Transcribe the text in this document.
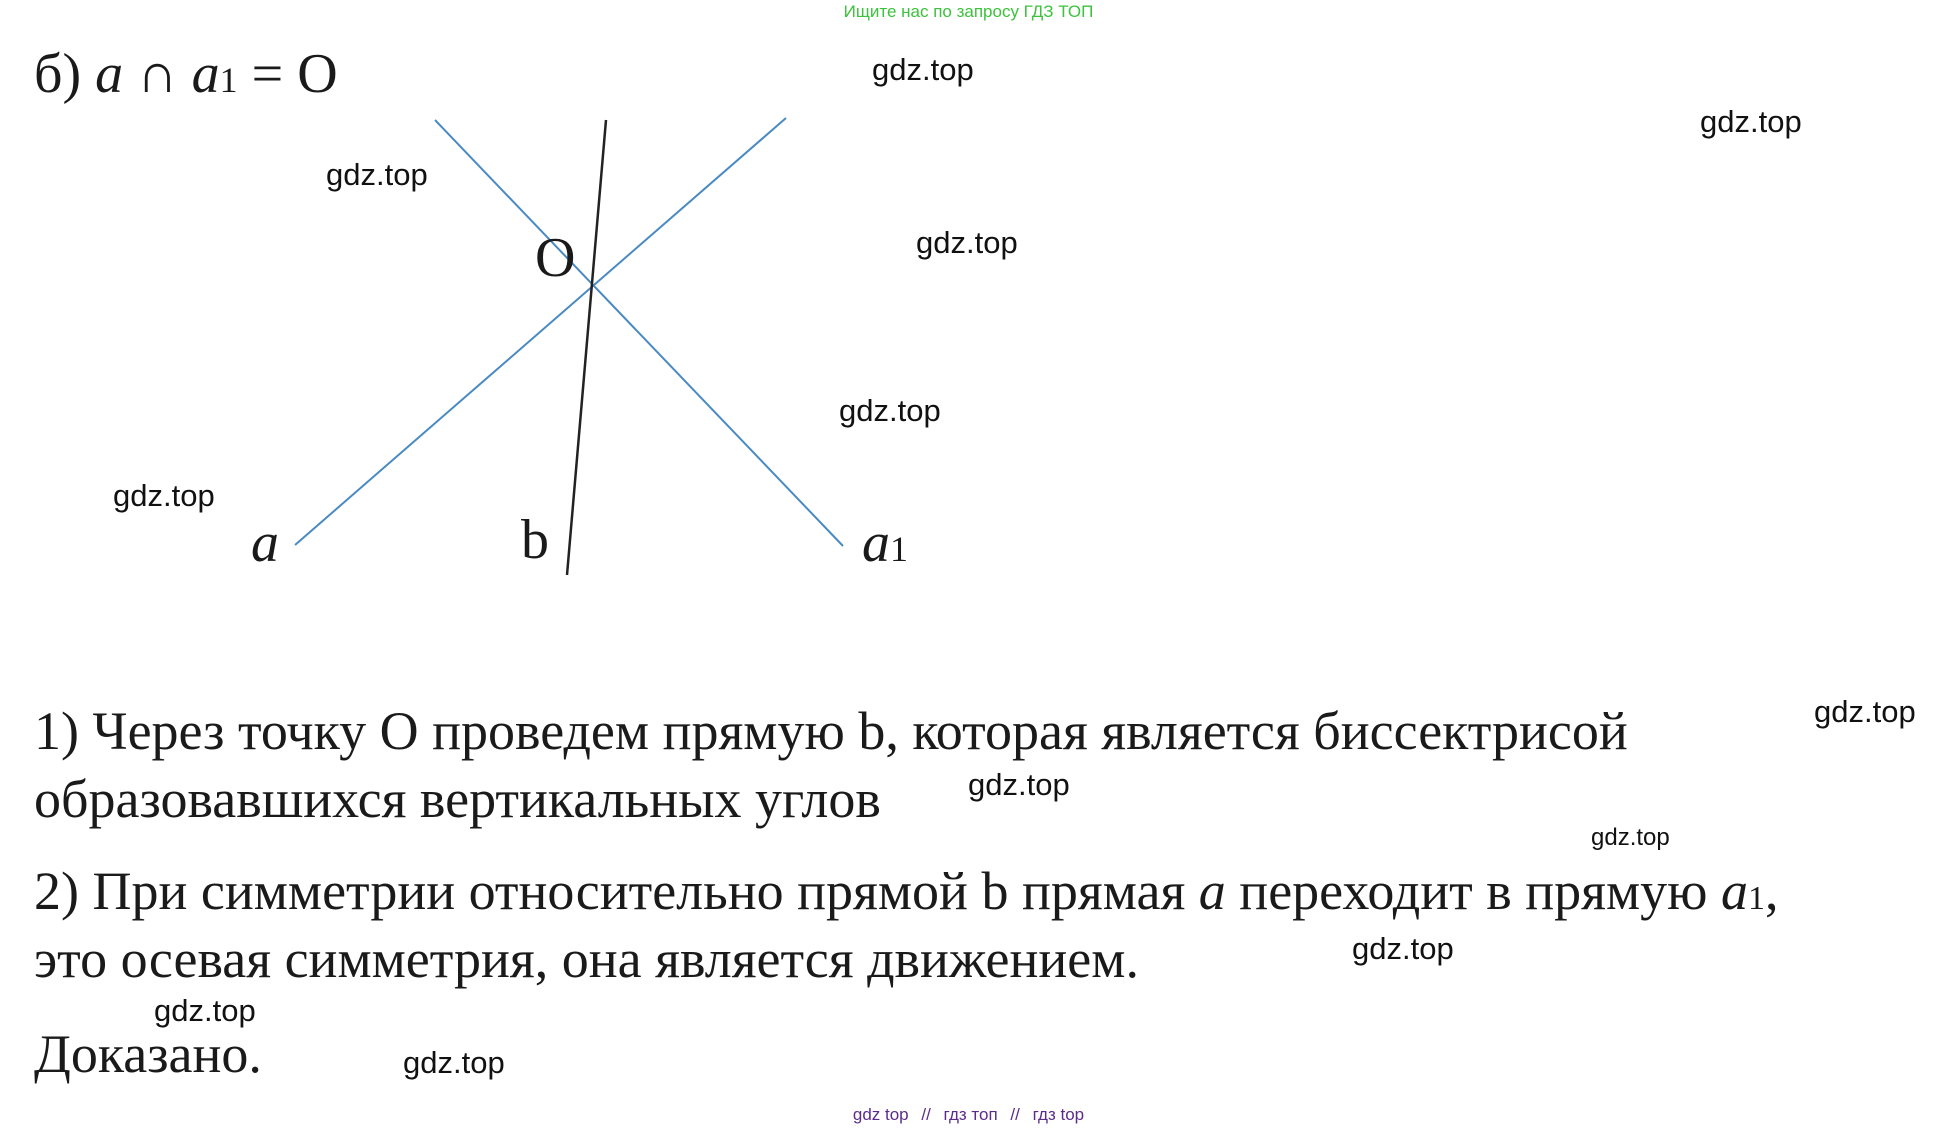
Ищите нас по запросу ГДЗ ТОП
б) a ∩ a1 = O
O
a	b	a1
1) Через точку O проведем прямую b, которая является биссектрисой
образовавшихся вертикальных углов
2) При симметрии относительно прямой b прямая a переходит в прямую a1,
это осевая симметрия, она является движением.
Доказано.
gdz.top
gdz.top
gdz.top
gdz.top
gdz.top
gdz.top
gdz.top
gdz.top
gdz.top
gdz.top
gdz.top
gdz.top
gdz top // гдз топ // гдз top
